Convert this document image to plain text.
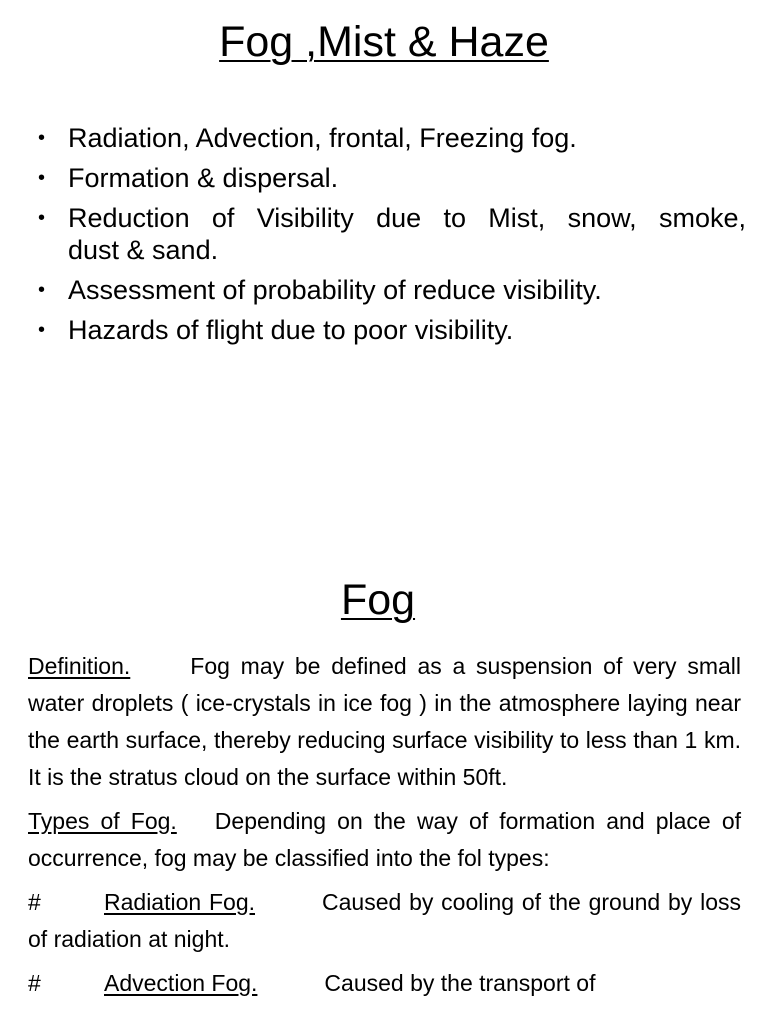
Fog ,Mist & Haze
• Radiation, Advection, frontal, Freezing fog.
• Formation & dispersal.
• Reduction of Visibility due to Mist, snow, smoke,
dust & sand.
• Assessment of probability of reduce visibility.
• Hazards of flight due to poor visibility.
Fog

Definition.	Fog may be defined as a suspension of very small water droplets ( ice-crystals in ice fog ) in the atmosphere laying near the earth surface, thereby reducing surface visibility to less than 1 km. It is the stratus cloud on the surface within 50ft.

Types of Fog. Depending on the way of formation and place of occurrence, fog may be classified into the fol types:

#	Radiation Fog.	Caused by cooling of the ground by loss of radiation at night.

#	Advection Fog.	Caused by the transport of
